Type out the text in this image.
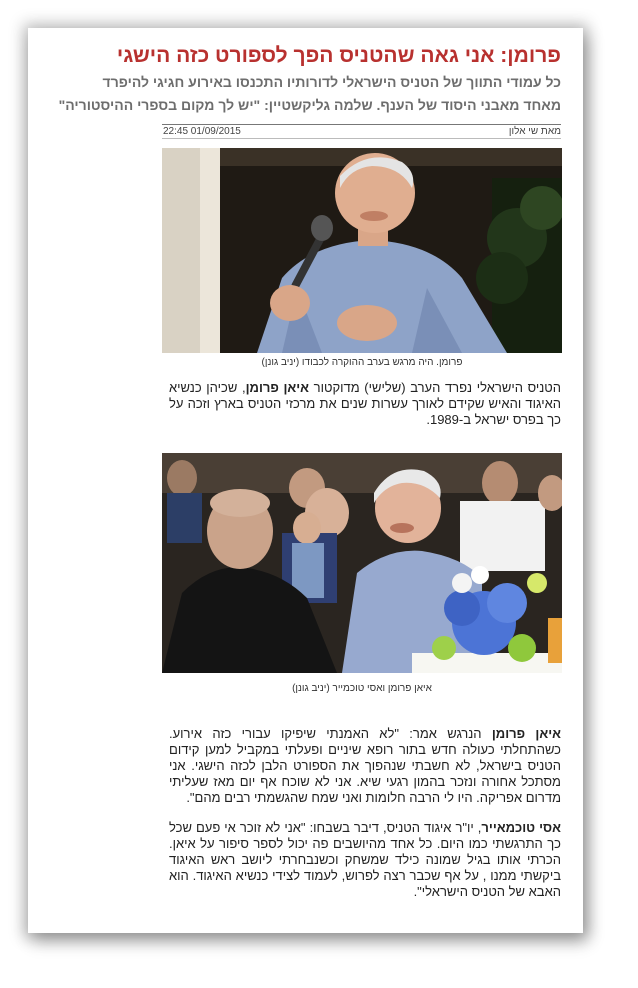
פרומן: אני גאה שהטניס הפך לספורט כזה הישגי
כל עמודי התווך של הטניס הישראלי לדורותיו התכנסו באירוע חגיגי להיפרד
מאחד מאבני היסוד של הענף. שלמה גליקשטיין: "יש לך מקום בספרי ההיסטוריה"
מאת שי אלון
22:45 01/09/2015
פרומן. היה מרגש בערב ההוקרה לכבודו (יניב גונן)

הטניס הישראלי נפרד הערב (שלישי) מדוקטור איאן פרומן, שכיהן כנשיא האיגוד והאיש שקידם לאורך עשרות שנים את מרכזי הטניס בארץ וזכה על כך בפרס ישראל ב-1989.

איאן פרומן ואסי טוכמייר (יניב גונן)

איאן פרומן הנרגש אמר: "לא האמנתי שיפיקו עבורי כזה אירוע. כשהתחלתי כעולה חדש בתור רופא שיניים ופעלתי במקביל למען קידום הטניס בישראל, לא חשבתי שנהפוך את הספורט הלבן לכזה הישגי. אני מסתכל אחורה ונזכר בהמון רגעי שיא. אני לא שוכח אף יום מאז שעליתי מדרום אפריקה. היו לי הרבה חלומות ואני שמח שהגשמתי רבים מהם".

אסי טוכמאייר, יו"ר איגוד הטניס, דיבר בשבחו: "אני לא זוכר אי פעם שכל כך התרגשתי כמו היום. כל אחד מהיושבים פה יכול לספר סיפור על איאן. הכרתי אותו בגיל שמונה כילד שמשחק וכשנבחרתי ליושב ראש האיגוד ביקשתי ממנו , על אף שכבר רצה לפרוש, לעמוד לצידי כנשיא האיגוד. הוא האבא של הטניס הישראלי".
